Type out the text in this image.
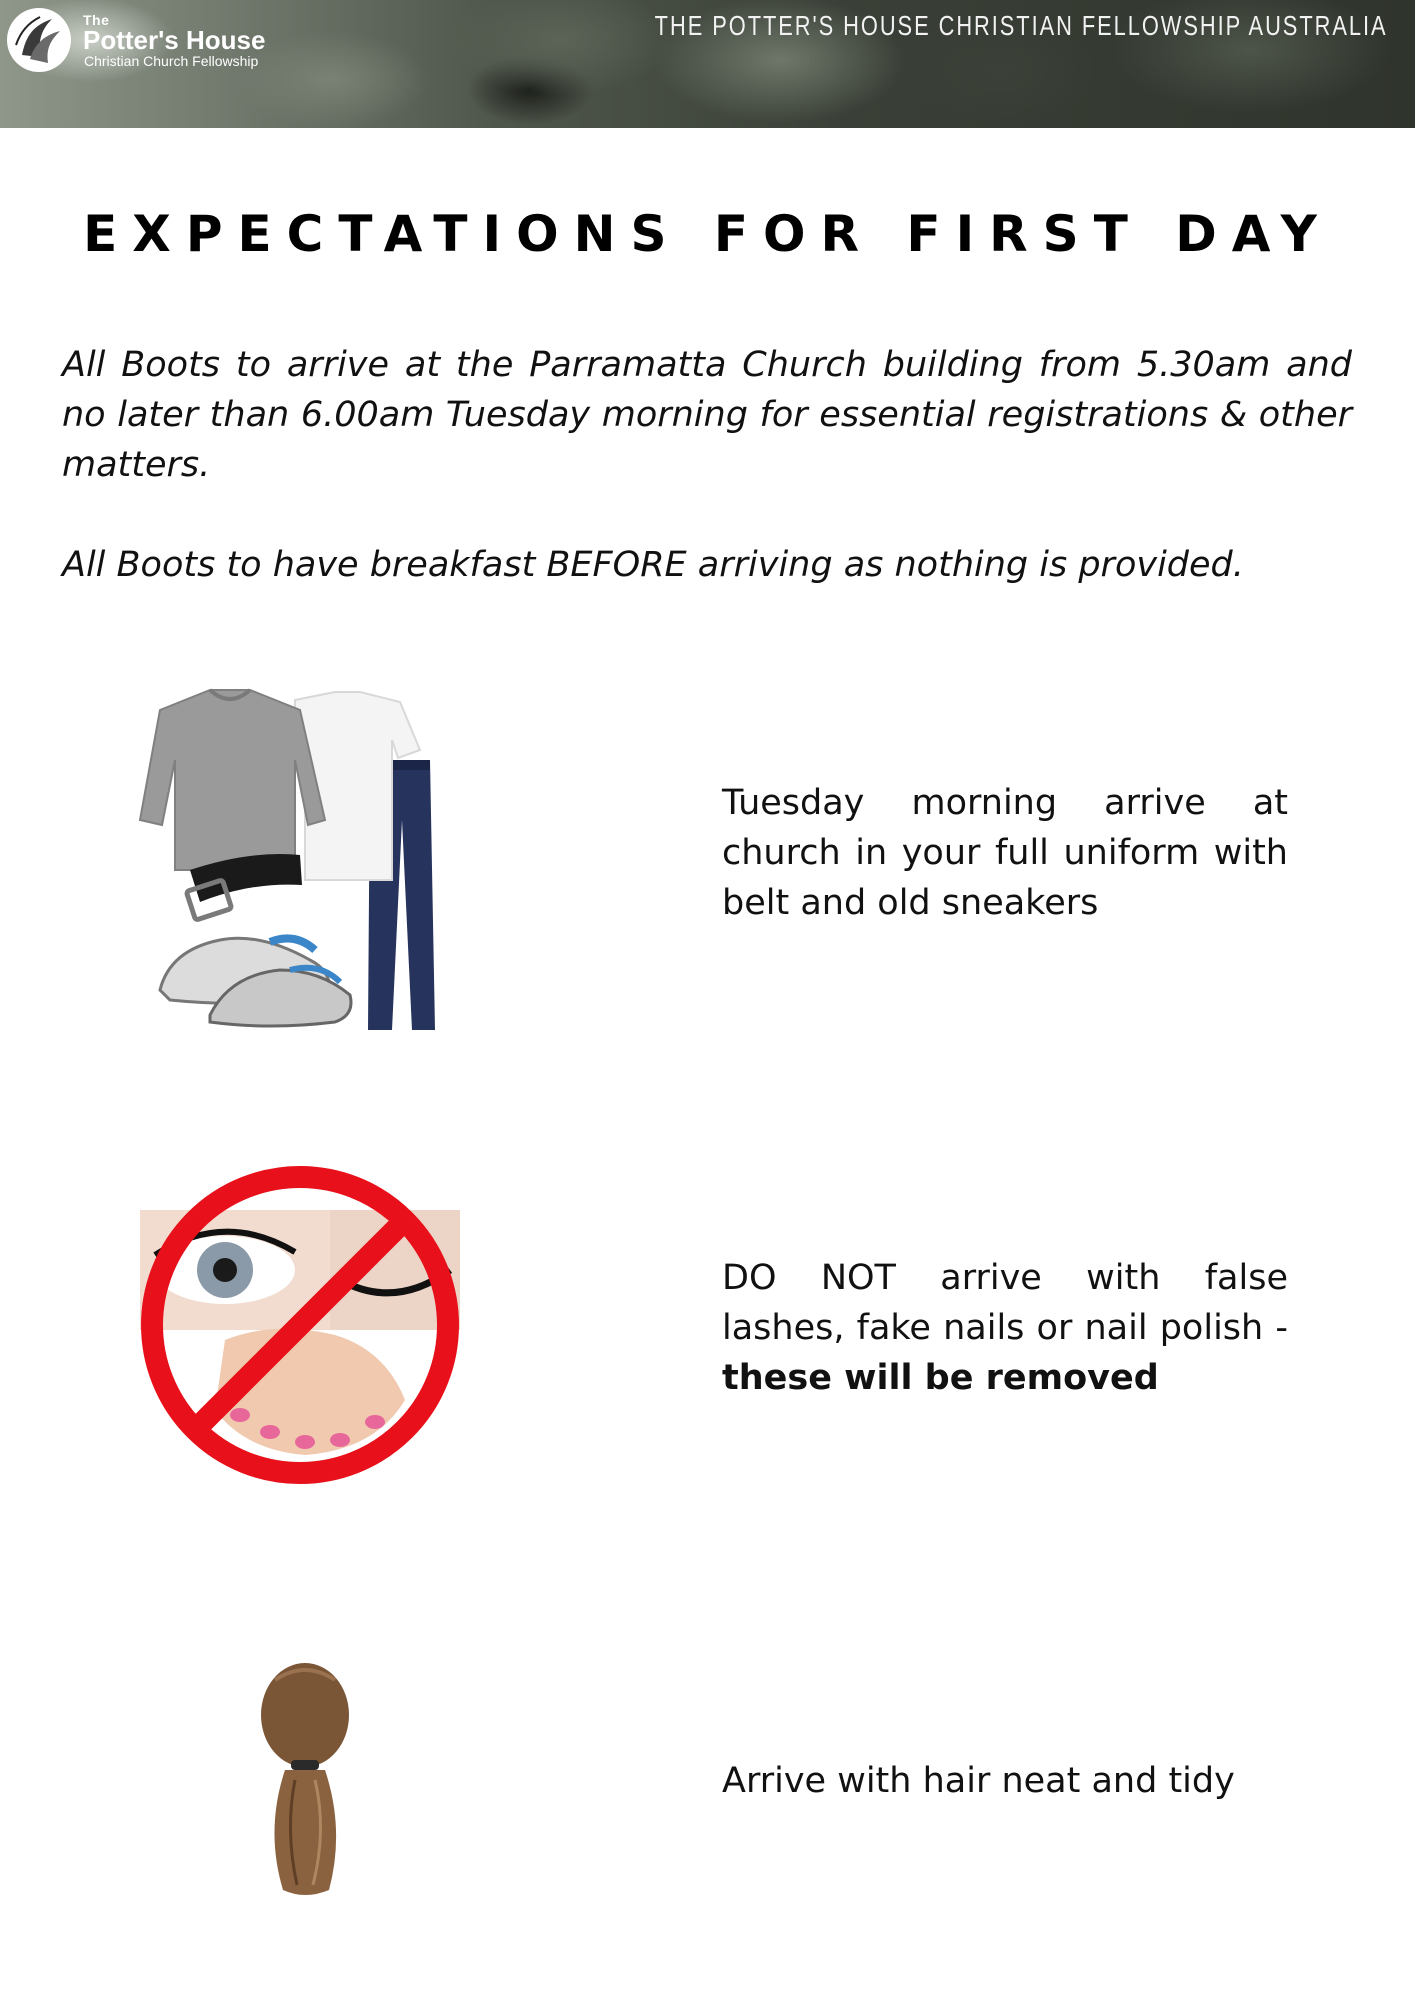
The
Potter's House
Christian Church Fellowship
THE POTTER'S HOUSE CHRISTIAN FELLOWSHIP AUSTRALIA
EXPECTATIONS FOR FIRST DAY
All Boots to arrive at the Parramatta Church building from 5.30am and no later than 6.00am Tuesday morning for essential registrations & other matters.
All Boots to have breakfast BEFORE arriving as nothing is provided.
Tuesday morning arrive at church in your full uniform with belt and old sneakers
DO NOT arrive with false lashes, fake nails or nail polish - these will be removed
Arrive with hair neat and tidy
